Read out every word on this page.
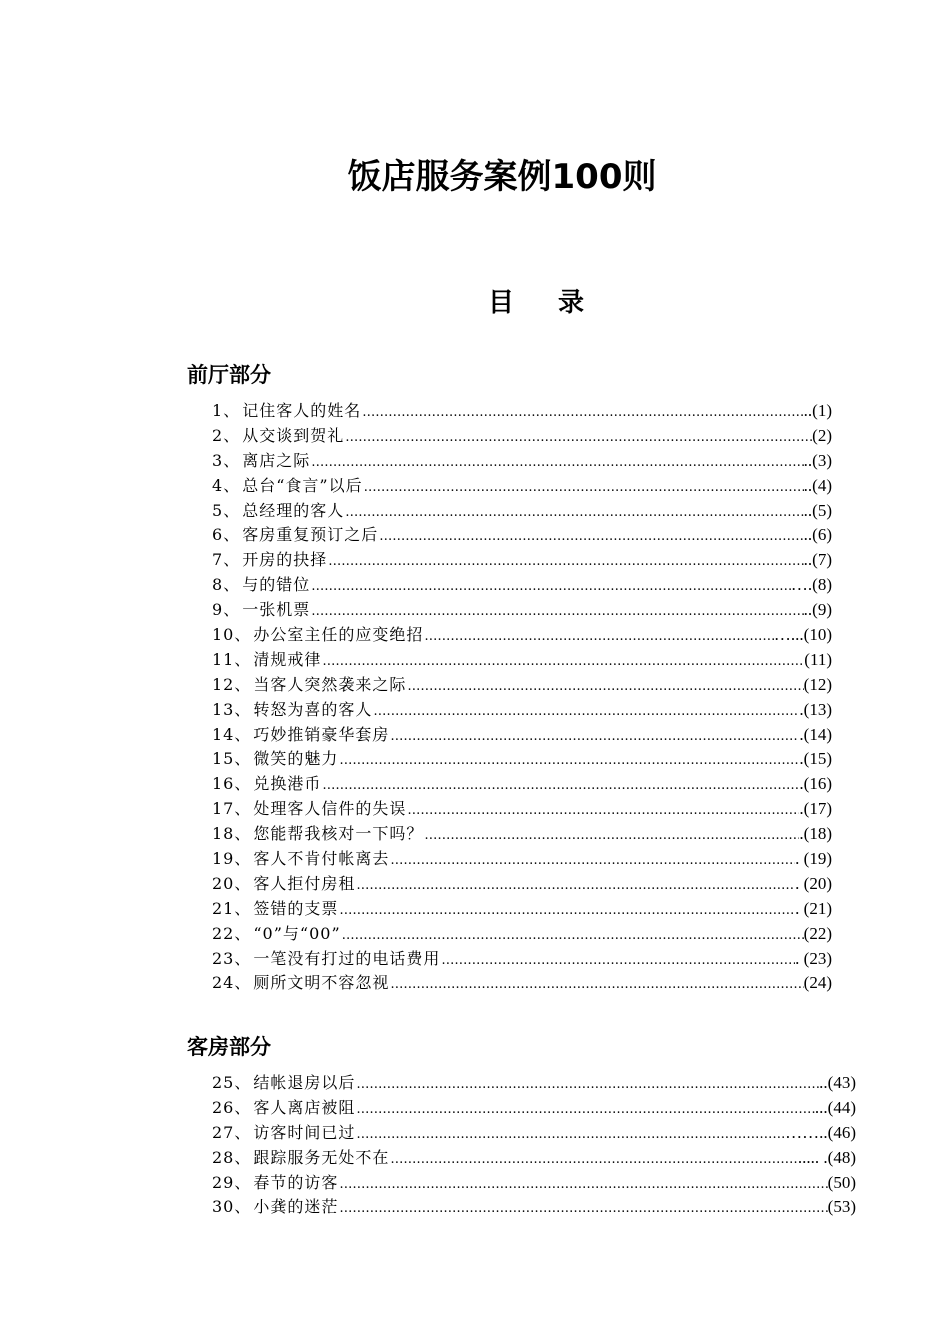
饭店服务案例100则
目录
前厅部分
1 、 记住客人的姓名 …………………………………………………………………………………………………………………………………………………………………………………………………………………………	..(1)
2 、 从交谈到贺礼 …………………………………………………………………………………………………………………………………………………………………………………………………………………………	(2)
3 、 离店之际 …………………………………………………………………………………………………………………………………………………………………………………………………………………………	..(3)
4 、 总台“食言”以后 …………………………………………………………………………………………………………………………………………………………………………………………………………………………	..(4)
5 、 总经理的客人 …………………………………………………………………………………………………………………………………………………………………………………………………………………………	..(5)
6 、 客房重复预订之后 …………………………………………………………………………………………………………………………………………………………………………………………………………………………	..(6)
7 、 开房的抉择 …………………………………………………………………………………………………………………………………………………………………………………………………………………………	..(7)
8 、 与的错位 …………………………………………………………………………………………………………………………………………………………………………………………………………………………	….(8)
9 、 一张机票 …………………………………………………………………………………………………………………………………………………………………………………………………………………………	..(9)
10 、 办公室主任的应变绝招 …………………………………………………………………………………………………………………………………………………………………………………………………………………………	…...(10)
11 、 清规戒律 …………………………………………………………………………………………………………………………………………………………………………………………………………………………	(11)
12 、 当客人突然袭来之际 …………………………………………………………………………………………………………………………………………………………………………………………………………………………	(12)
13 、 转怒为喜的客人 …………………………………………………………………………………………………………………………………………………………………………………………………………………………	.(13)
14 、 巧妙推销豪华套房 …………………………………………………………………………………………………………………………………………………………………………………………………………………………	.(14)
15 、 微笑的魅力 …………………………………………………………………………………………………………………………………………………………………………………………………………………………	.(15)
16 、 兑换港币 …………………………………………………………………………………………………………………………………………………………………………………………………………………………	.(16)
17 、 处理客人信件的失误 …………………………………………………………………………………………………………………………………………………………………………………………………………………………	.(17)
18 、 您能帮我核对一下吗？ …………………………………………………………………………………………………………………………………………………………………………………………………………………………	.(18)
19 、 客人不肯付帐离去 …………………………………………………………………………………………………………………………………………………………………………………………………………………………	. (19)
20 、 客人拒付房租 …………………………………………………………………………………………………………………………………………………………………………………………………………………………	. (20)
21 、 签错的支票 …………………………………………………………………………………………………………………………………………………………………………………………………………………………	. (21)
22 、 “0”与“00” …………………………………………………………………………………………………………………………………………………………………………………………………………………………	(22)
23 、 一笔没有打过的电话费用 …………………………………………………………………………………………………………………………………………………………………………………………………………………………	. (23)
24 、 厕所文明不容忽视 …………………………………………………………………………………………………………………………………………………………………………………………………………………………	(24)
客房部分
25 、 结帐退房以后 …………………………………………………………………………………………………………………………………………………………………………………………………………………………	..(43)
26 、 客人离店被阻 …………………………………………………………………………………………………………………………………………………………………………………………………………………………	...(44)
27 、 访客时间已过 …………………………………………………………………………………………………………………………………………………………………………………………………………………………	……..(46)
28 、 跟踪服务无处不在 …………………………………………………………………………………………………………………………………………………………………………………………………………………………	..... .(48)
29 、 春节的访客 …………………………………………………………………………………………………………………………………………………………………………………………………………………………	(50)
30 、 小龚的迷茫 …………………………………………………………………………………………………………………………………………………………………………………………………………………………	(53)
